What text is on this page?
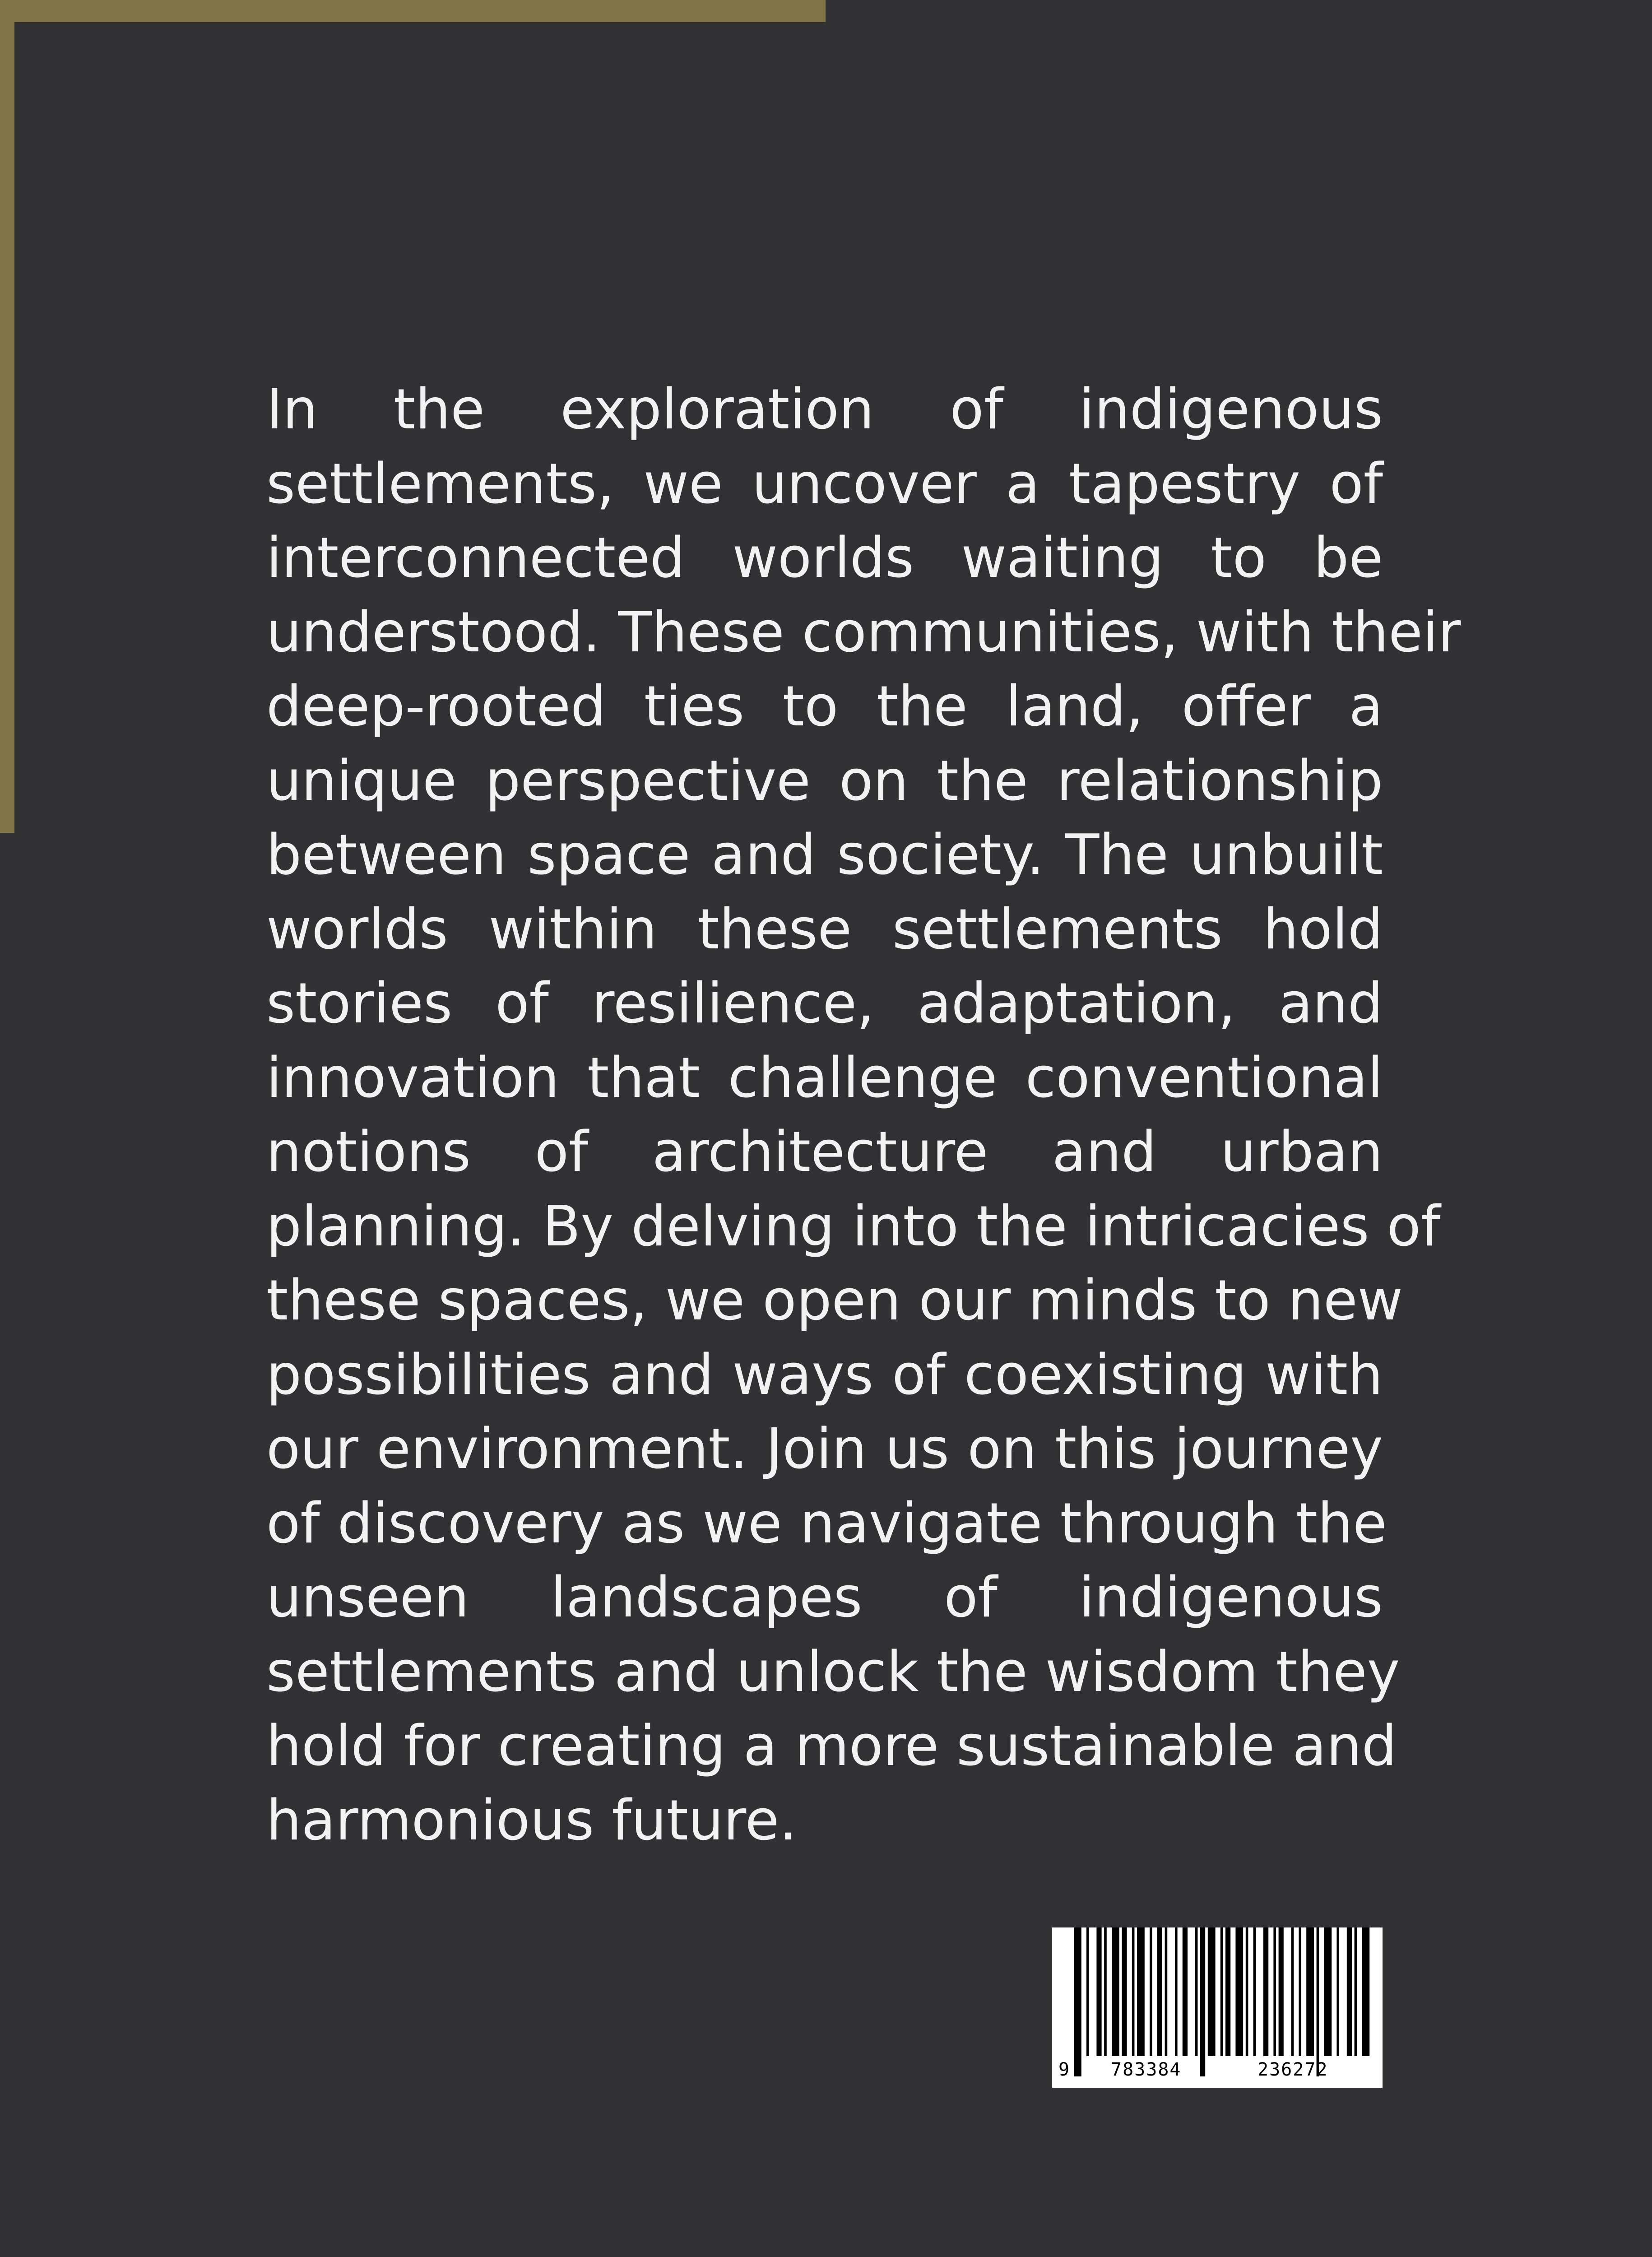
In the exploration of indigenous
settlements, we uncover a tapestry of
interconnected worlds waiting to be
understood. These communities, with their
deep-rooted ties to the land, offer a
unique perspective on the relationship
between space and society. The unbuilt
worlds within these settlements hold
stories of resilience, adaptation, and
innovation that challenge conventional
notions of architecture and urban
planning. By delving into the intricacies of
these spaces, we open our minds to new
possibilities and ways of coexisting with
our environment. Join us on this journey
of discovery as we navigate through the
unseen landscapes of indigenous
settlements and unlock the wisdom they
hold for creating a more sustainable and
harmonious future.
9 783384	236272
